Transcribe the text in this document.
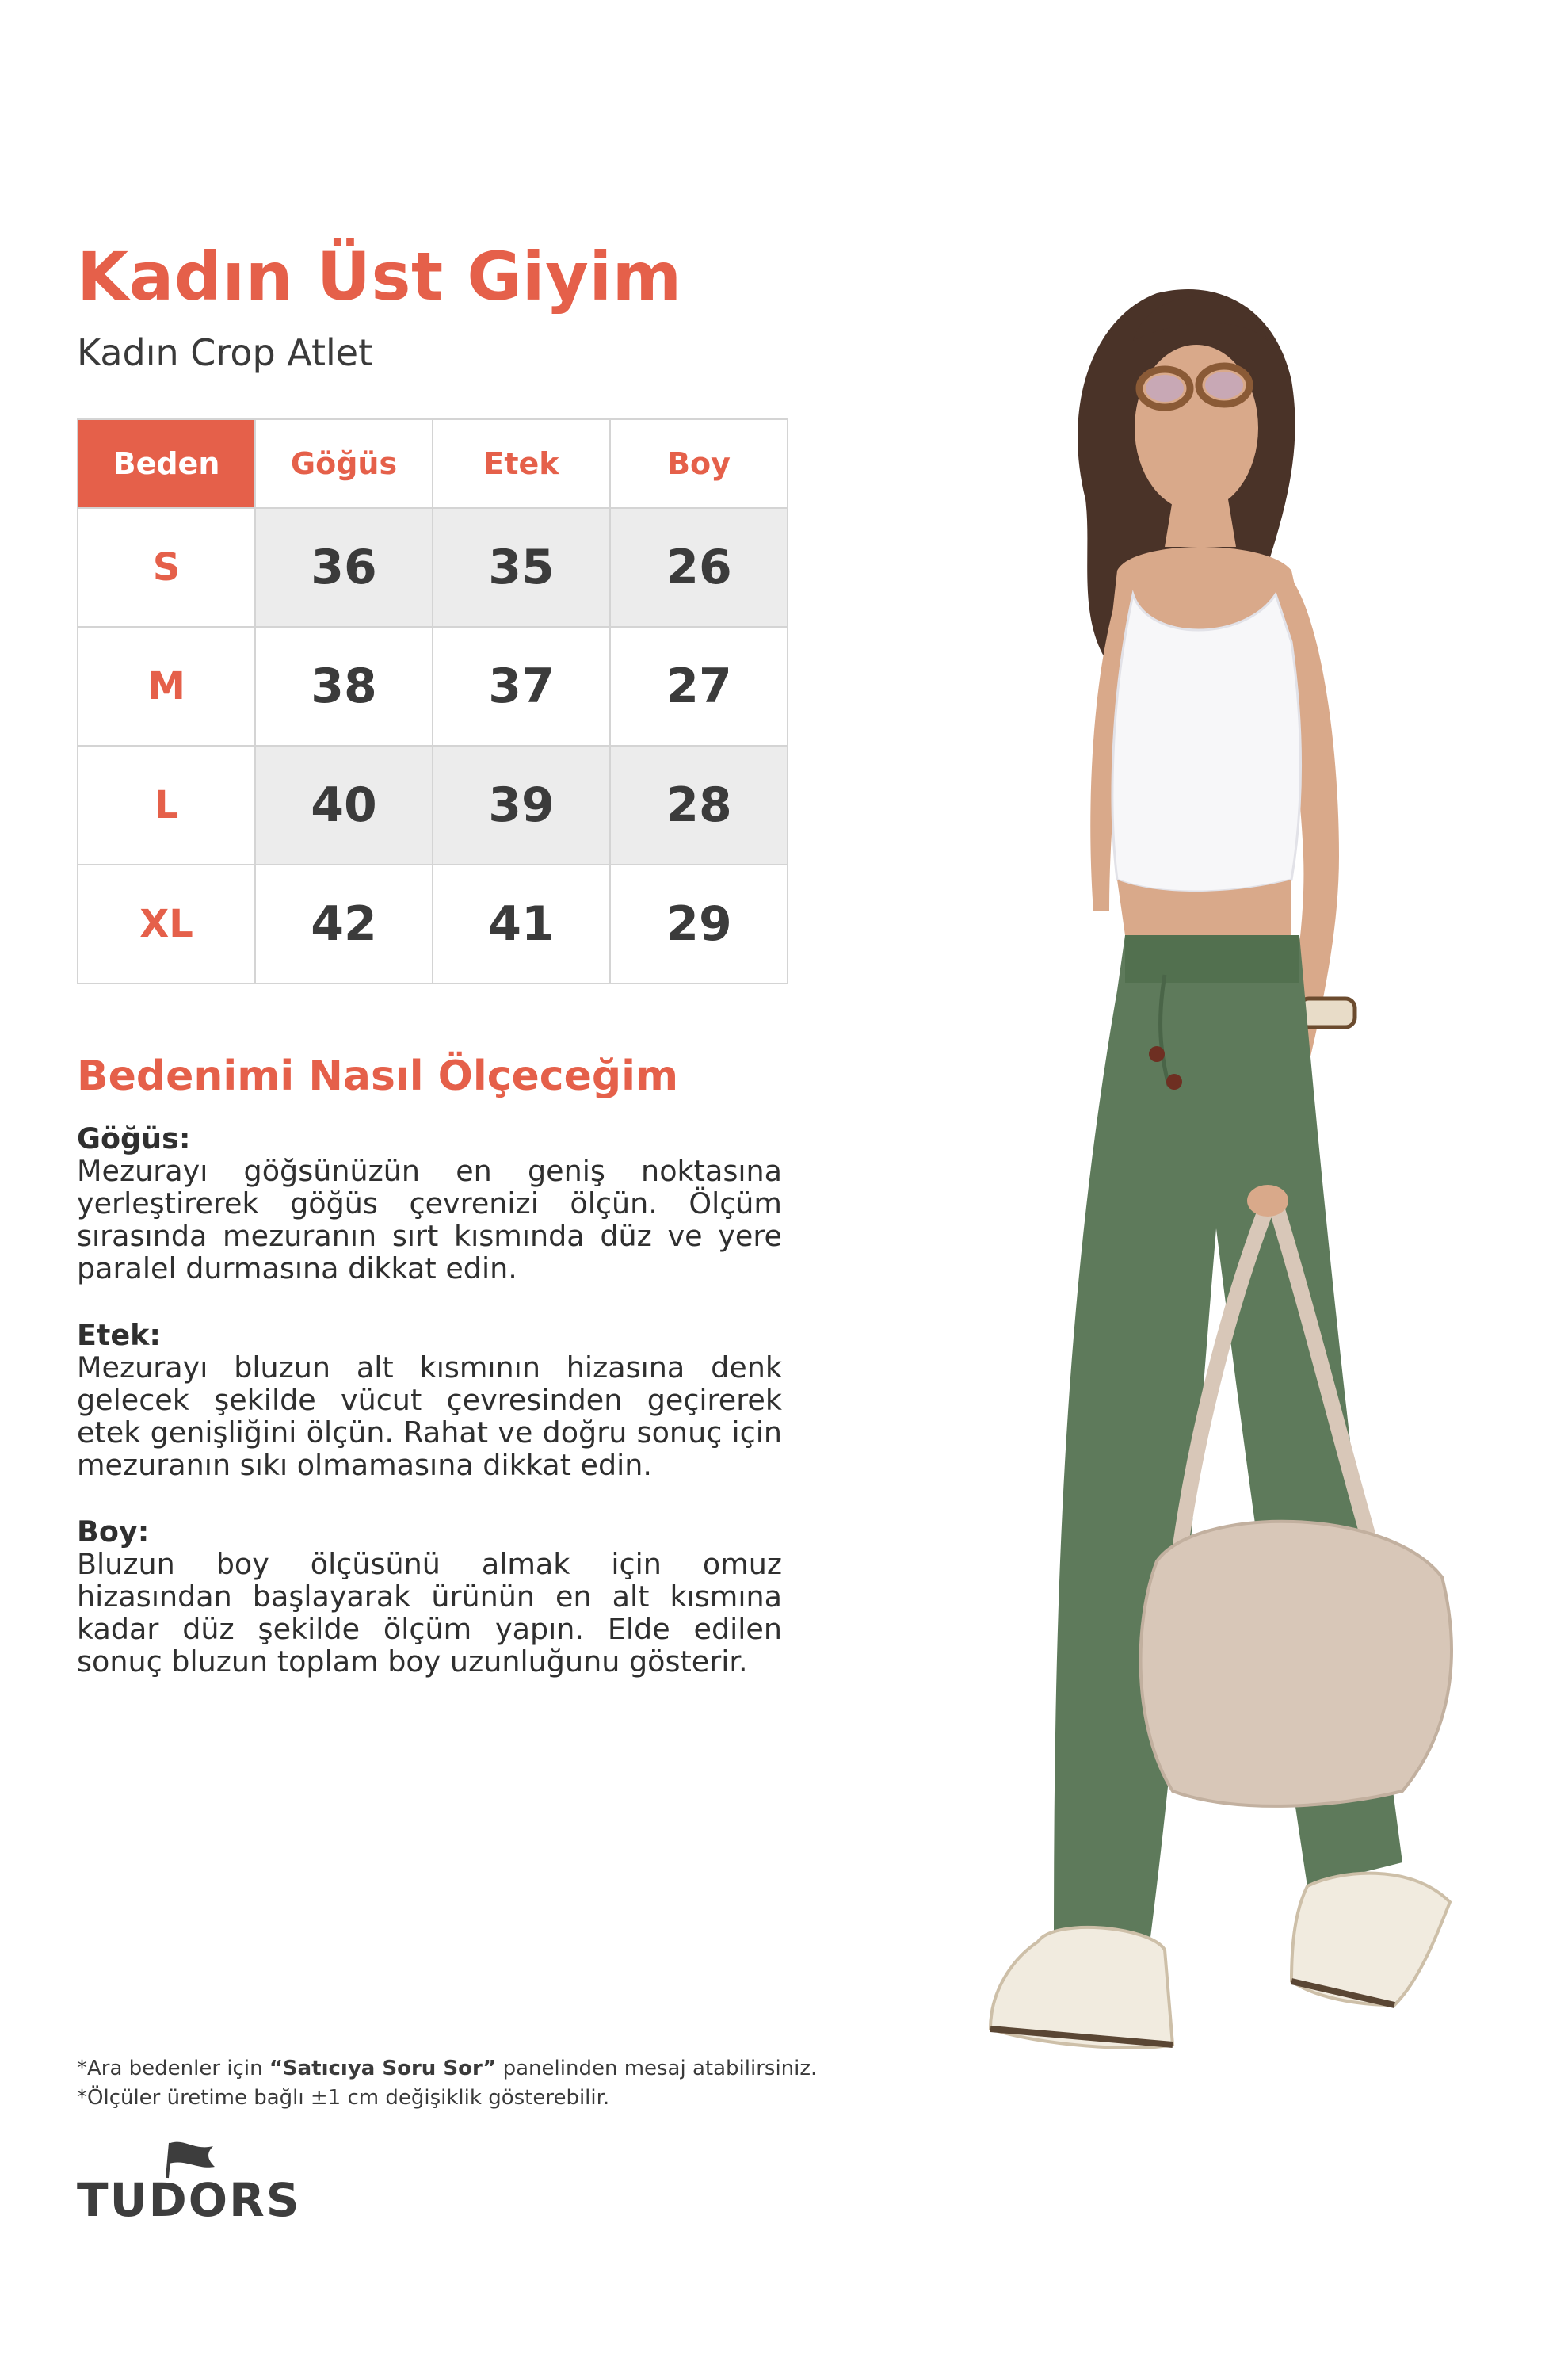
Kadın Üst Giyim
Kadın Crop Atlet
Beden	Göğüs	Etek	Boy
S	36	35	26
M	38	37	27
L	40	39	28
XL	42	41	29
Bedenimi Nasıl Ölçeceğim
Göğüs:
Mezurayı göğsünüzün en geniş noktasına yerleştirerek göğüs çevrenizi ölçün. Ölçüm sırasında mezuranın sırt kısmında düz ve yere paralel durmasına dikkat edin.
Etek:
Mezurayı bluzun alt kısmının hizasına denk gelecek şekilde vücut çevresinden geçirerek etek genişliğini ölçün. Rahat ve doğru sonuç için mezuranın sıkı olmamasına dikkat edin.
Boy:
Bluzun boy ölçüsünü almak için omuz hizasından başlayarak ürünün en alt kısmına kadar düz şekilde ölçüm yapın. Elde edilen sonuç bluzun toplam boy uzunluğunu gösterir.
*Ara bedenler için “Satıcıya Soru Sor” panelinden mesaj atabilirsiniz.
*Ölçüler üretime bağlı ±1 cm değişiklik gösterebilir.
TUDORS
